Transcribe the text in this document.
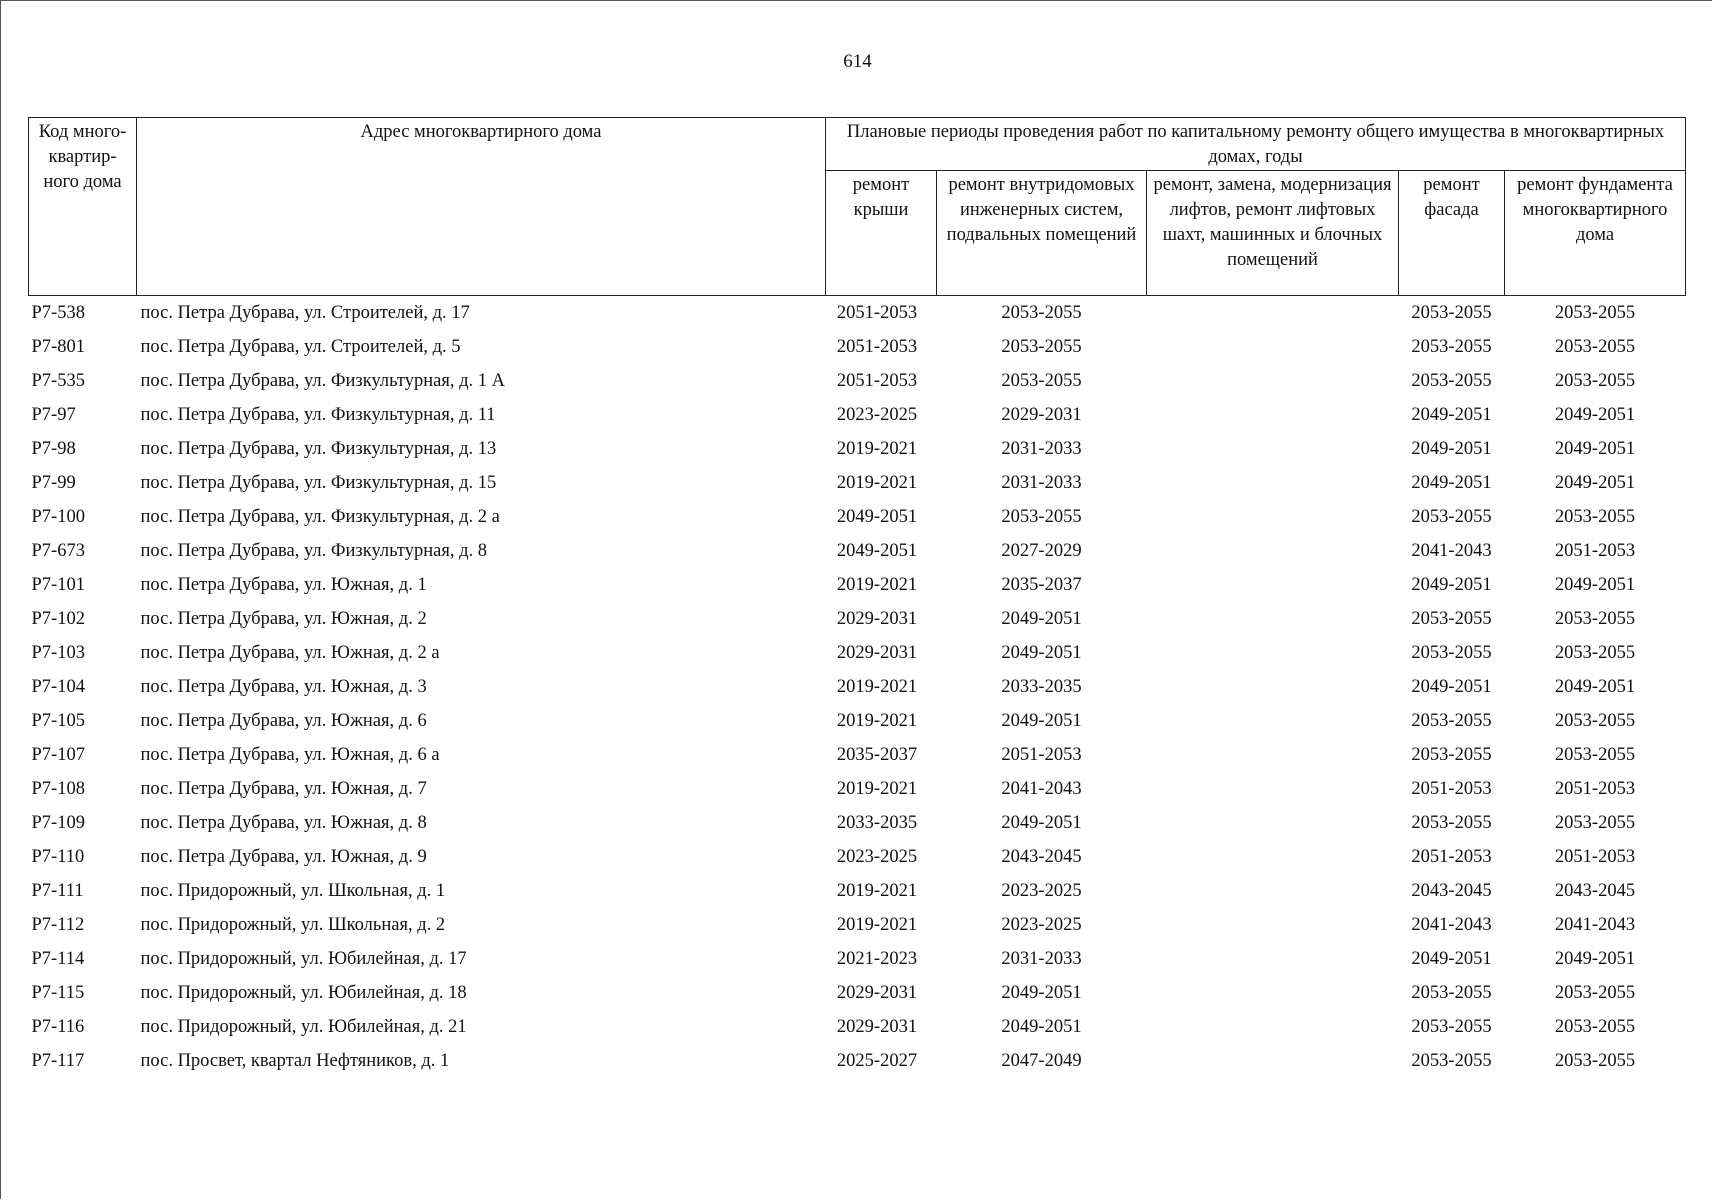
614
Код много-квартир-ного дома	Адрес многоквартирного дома	Плановые периоды проведения работ по капитальному ремонту общего имущества в многоквартирных домах, годы				
		ремонт крыши	ремонт внутридомовых инженерных систем, подвальных помещений	ремонт, замена, модернизация лифтов, ремонт лифтовых шахт, машинных и блочных помещений	ремонт фасада	ремонт фундамента многоквартирного дома
Р7-538	пос. Петра Дубрава, ул. Строителей, д. 17	2051-2053	2053-2055		2053-2055	2053-2055
Р7-801	пос. Петра Дубрава, ул. Строителей, д. 5	2051-2053	2053-2055		2053-2055	2053-2055
Р7-535	пос. Петра Дубрава, ул. Физкультурная, д. 1 А	2051-2053	2053-2055		2053-2055	2053-2055
Р7-97	пос. Петра Дубрава, ул. Физкультурная, д. 11	2023-2025	2029-2031		2049-2051	2049-2051
Р7-98	пос. Петра Дубрава, ул. Физкультурная, д. 13	2019-2021	2031-2033		2049-2051	2049-2051
Р7-99	пос. Петра Дубрава, ул. Физкультурная, д. 15	2019-2021	2031-2033		2049-2051	2049-2051
Р7-100	пос. Петра Дубрава, ул. Физкультурная, д. 2 а	2049-2051	2053-2055		2053-2055	2053-2055
Р7-673	пос. Петра Дубрава, ул. Физкультурная, д. 8	2049-2051	2027-2029		2041-2043	2051-2053
Р7-101	пос. Петра Дубрава, ул. Южная, д. 1	2019-2021	2035-2037		2049-2051	2049-2051
Р7-102	пос. Петра Дубрава, ул. Южная, д. 2	2029-2031	2049-2051		2053-2055	2053-2055
Р7-103	пос. Петра Дубрава, ул. Южная, д. 2 а	2029-2031	2049-2051		2053-2055	2053-2055
Р7-104	пос. Петра Дубрава, ул. Южная, д. 3	2019-2021	2033-2035		2049-2051	2049-2051
Р7-105	пос. Петра Дубрава, ул. Южная, д. 6	2019-2021	2049-2051		2053-2055	2053-2055
Р7-107	пос. Петра Дубрава, ул. Южная, д. 6 а	2035-2037	2051-2053		2053-2055	2053-2055
Р7-108	пос. Петра Дубрава, ул. Южная, д. 7	2019-2021	2041-2043		2051-2053	2051-2053
Р7-109	пос. Петра Дубрава, ул. Южная, д. 8	2033-2035	2049-2051		2053-2055	2053-2055
Р7-110	пос. Петра Дубрава, ул. Южная, д. 9	2023-2025	2043-2045		2051-2053	2051-2053
Р7-111	пос. Придорожный, ул. Школьная, д. 1	2019-2021	2023-2025		2043-2045	2043-2045
Р7-112	пос. Придорожный, ул. Школьная, д. 2	2019-2021	2023-2025		2041-2043	2041-2043
Р7-114	пос. Придорожный, ул. Юбилейная, д. 17	2021-2023	2031-2033		2049-2051	2049-2051
Р7-115	пос. Придорожный, ул. Юбилейная, д. 18	2029-2031	2049-2051		2053-2055	2053-2055
Р7-116	пос. Придорожный, ул. Юбилейная, д. 21	2029-2031	2049-2051		2053-2055	2053-2055
Р7-117	пос. Просвет, квартал Нефтяников, д. 1	2025-2027	2047-2049		2053-2055	2053-2055
